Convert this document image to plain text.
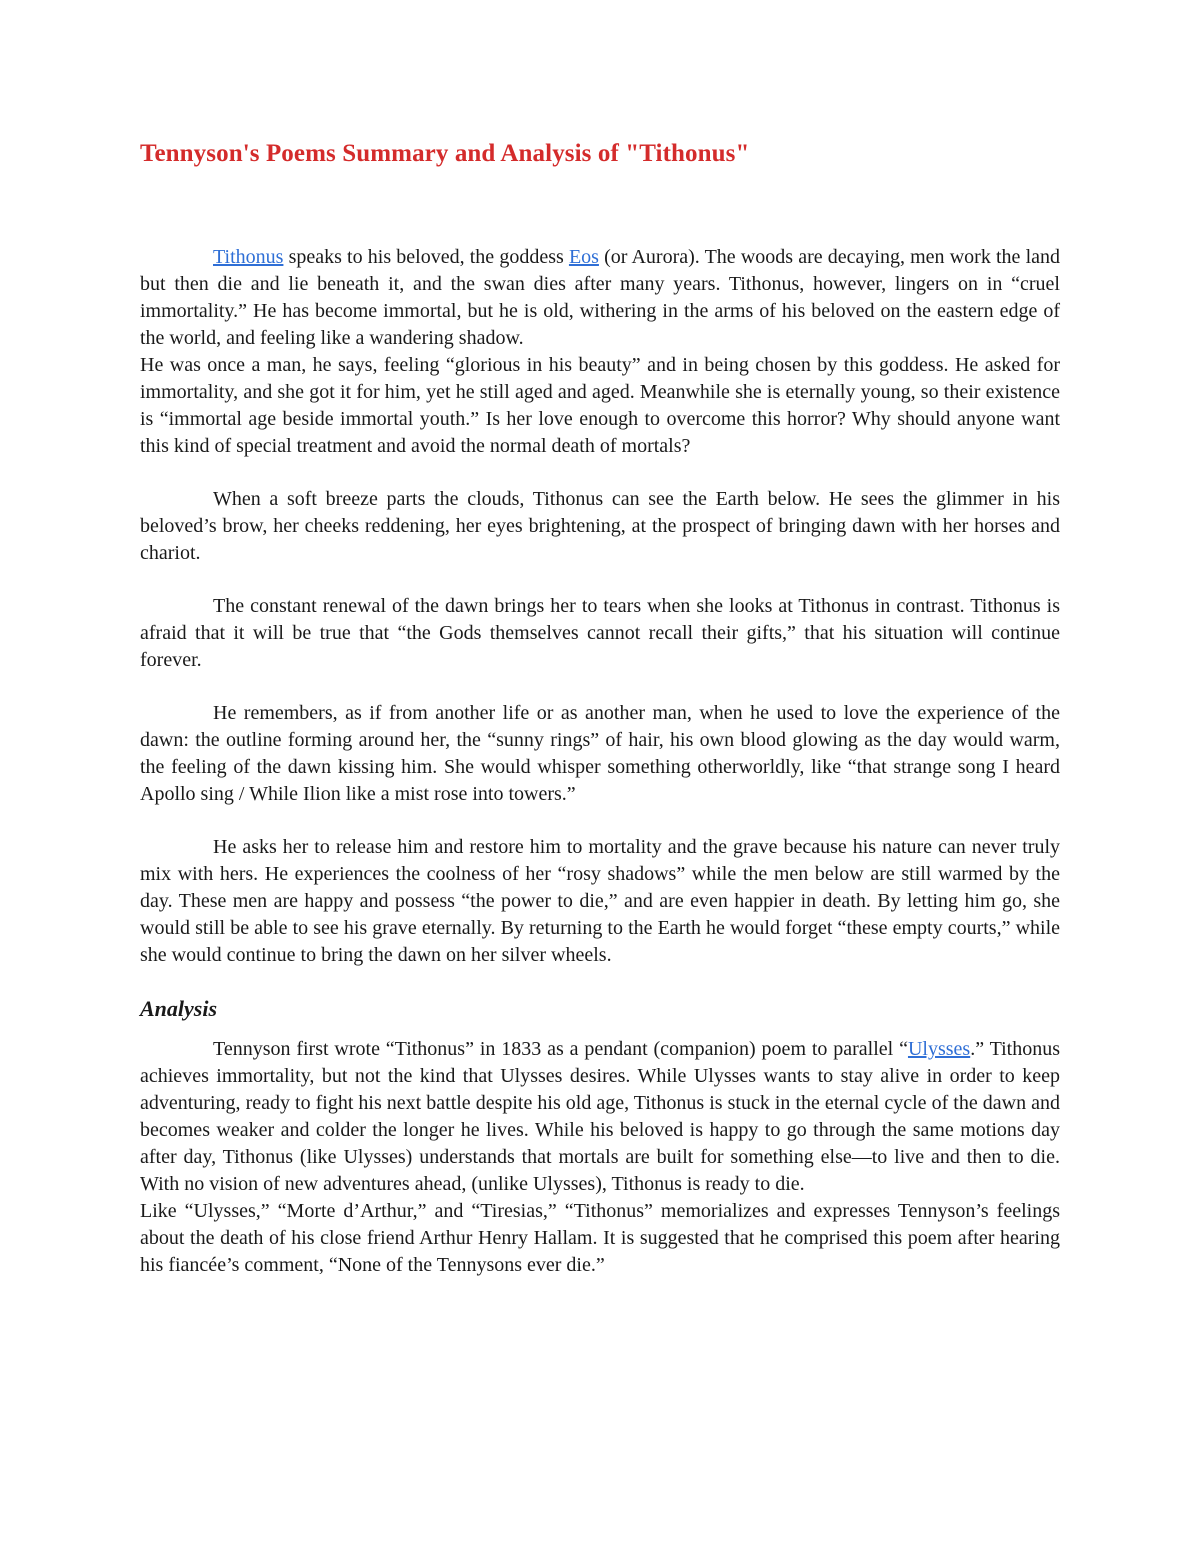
Tennyson's Poems Summary and Analysis of "Tithonus"

Tithonus speaks to his beloved, the goddess Eos (or Aurora). The woods are decaying, men work the land but then die and lie beneath it, and the swan dies after many years. Tithonus, however, lingers on in “cruel immortality.” He has become immortal, but he is old, withering in the arms of his beloved on the eastern edge of the world, and feeling like a wandering shadow.

He was once a man, he says, feeling “glorious in his beauty” and in being chosen by this goddess. He asked for immortality, and she got it for him, yet he still aged and aged. Meanwhile she is eternally young, so their existence is “immortal age beside immortal youth.” Is her love enough to overcome this horror? Why should anyone want this kind of special treatment and avoid the normal death of mortals?

When a soft breeze parts the clouds, Tithonus can see the Earth below. He sees the glimmer in his beloved’s brow, her cheeks reddening, her eyes brightening, at the prospect of bringing dawn with her horses and chariot.

The constant renewal of the dawn brings her to tears when she looks at Tithonus in contrast. Tithonus is afraid that it will be true that “the Gods themselves cannot recall their gifts,” that his situation will continue forever.

He remembers, as if from another life or as another man, when he used to love the experience of the dawn: the outline forming around her, the “sunny rings” of hair, his own blood glowing as the day would warm, the feeling of the dawn kissing him. She would whisper something otherworldly, like “that strange song I heard Apollo sing / While Ilion like a mist rose into towers.”

He asks her to release him and restore him to mortality and the grave because his nature can never truly mix with hers. He experiences the coolness of her “rosy shadows” while the men below are still warmed by the day. These men are happy and possess “the power to die,” and are even happier in death. By letting him go, she would still be able to see his grave eternally. By returning to the Earth he would forget “these empty courts,” while she would continue to bring the dawn on her silver wheels.

Analysis

Tennyson first wrote “Tithonus” in 1833 as a pendant (companion) poem to parallel “Ulysses.” Tithonus achieves immortality, but not the kind that Ulysses desires. While Ulysses wants to stay alive in order to keep adventuring, ready to fight his next battle despite his old age, Tithonus is stuck in the eternal cycle of the dawn and becomes weaker and colder the longer he lives. While his beloved is happy to go through the same motions day after day, Tithonus (like Ulysses) understands that mortals are built for something else—to live and then to die. With no vision of new adventures ahead, (unlike Ulysses), Tithonus is ready to die.

Like “Ulysses,” “Morte d’Arthur,” and “Tiresias,” “Tithonus” memorializes and expresses Tennyson’s feelings about the death of his close friend Arthur Henry Hallam. It is suggested that he comprised this poem after hearing his fiancée’s comment, “None of the Tennysons ever die.”
